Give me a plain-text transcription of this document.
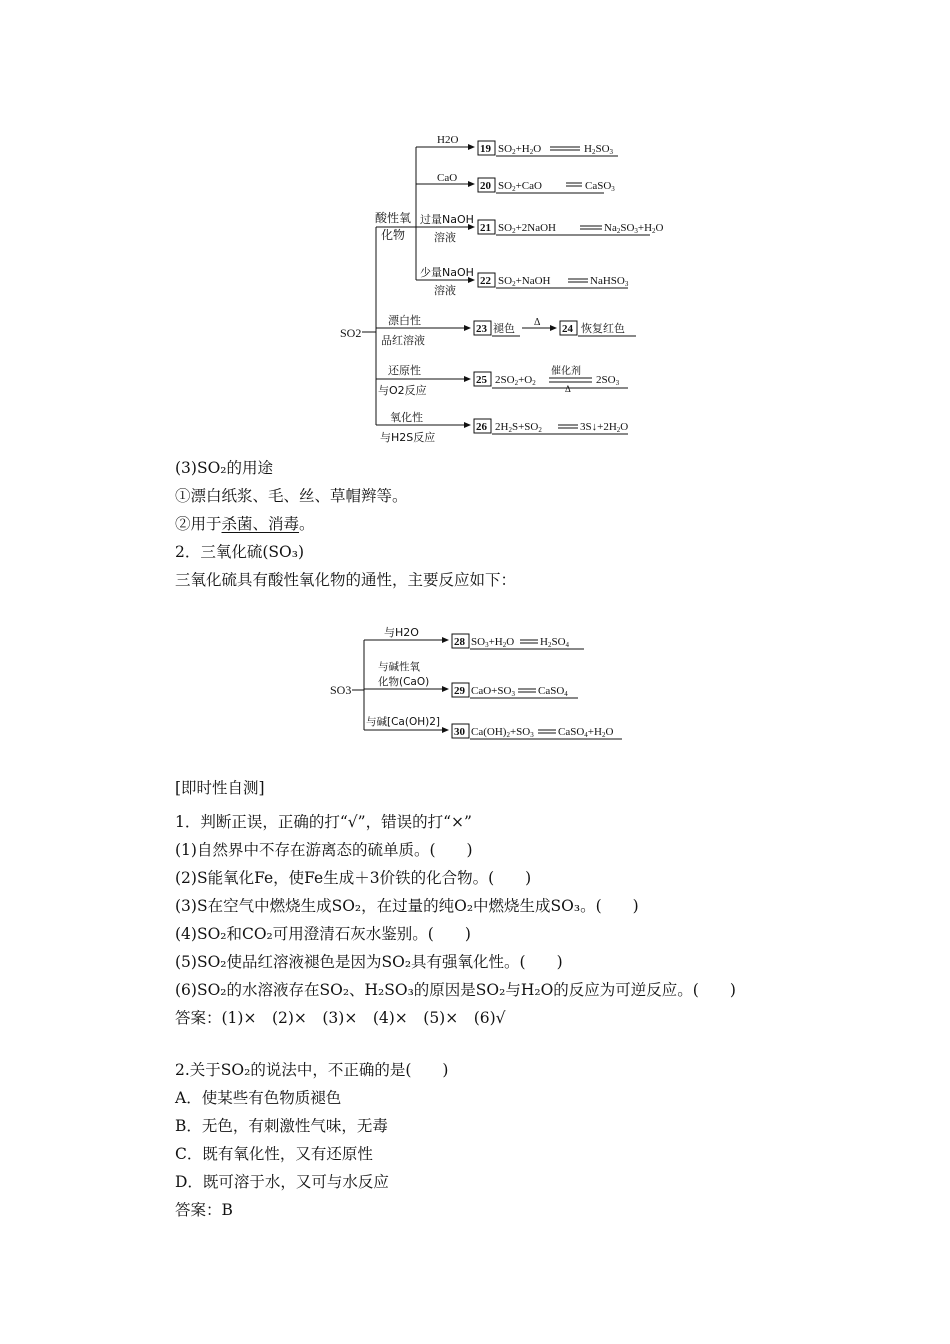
SO2
酸性氧
化物
H2O
CaO
过量NaOH
溶液
少量NaOH
溶液
漂白性
品红溶液
还原性
与O2反应
氧化性
与H2S反应
19
20
21
22
23	24
25
26
SO2+H2O	H2SO3
SO2+CaO	CaSO3
SO2+2NaOH	Na2SO3+H2O
SO2+NaOH	NaHSO3
褪色 Δ	恢复红色
2SO2+O2	2SO3
催化剂
Δ
2H2S+SO2	3S↓+2H2O
(3)SO₂的用途
①漂白纸浆、毛、丝、草帽辫等。
②用于杀菌、消毒。
2．三氧化硫(SO₃)
三氧化硫具有酸性氧化物的通性，主要反应如下：
SO3
与H2O
与碱性氧
化物(CaO)
与碱[Ca(OH)2]
28
29
30
SO3+H2O H2SO4
CaO+SO3 CaSO4
Ca(OH)2+SO3 CaSO4+H2O
[即时性自测]
1．判断正误，正确的打“√”，错误的打“×”
(1)自然界中不存在游离态的硫单质。(　　)
(2)S能氧化Fe，使Fe生成＋3价铁的化合物。(　　)
(3)S在空气中燃烧生成SO₂，在过量的纯O₂中燃烧生成SO₃。(　　)
(4)SO₂和CO₂可用澄清石灰水鉴别。(　　)
(5)SO₂使品红溶液褪色是因为SO₂具有强氧化性。(　　)
(6)SO₂的水溶液存在SO₂、H₂SO₃的原因是SO₂与H₂O的反应为可逆反应。(　　)
答案：(1)×　(2)×　(3)×　(4)×　(5)×　(6)√
2.关于SO₂的说法中，不正确的是(　　)
A．使某些有色物质褪色
B．无色，有刺激性气味，无毒
C．既有氧化性，又有还原性
D．既可溶于水，又可与水反应
答案：B
